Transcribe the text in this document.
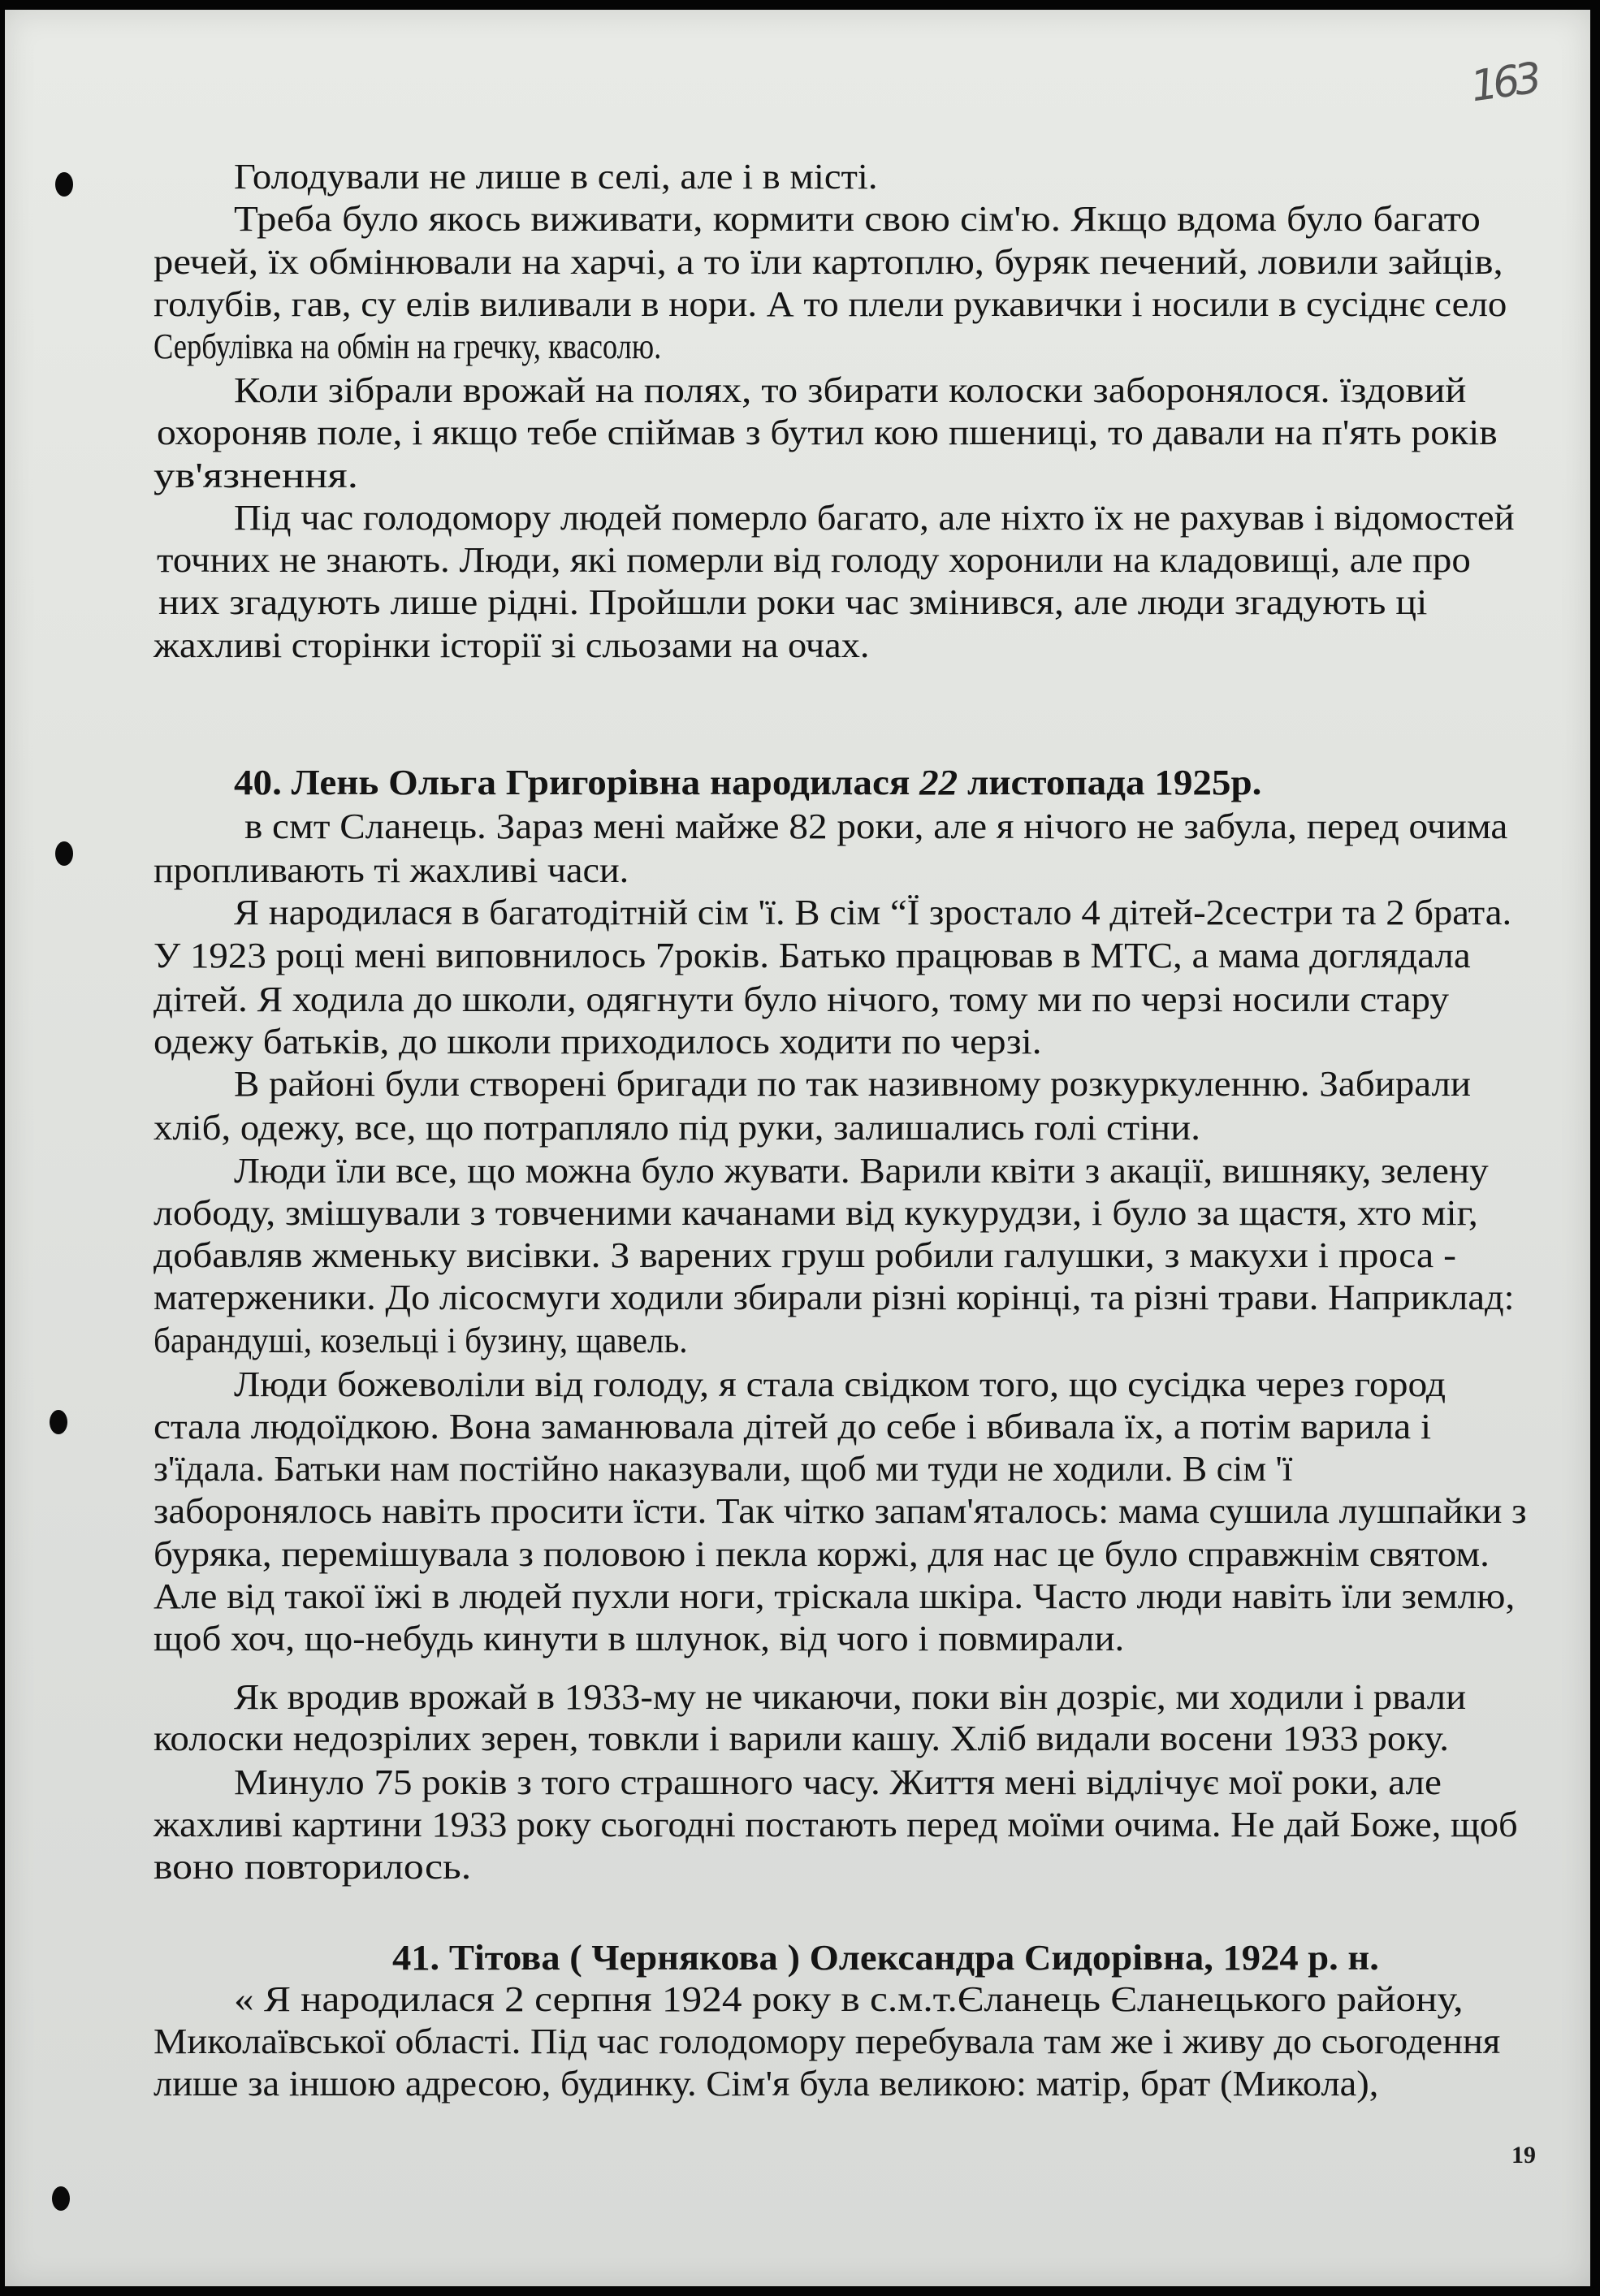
163
Голодували не лише в селі, але і в місті.
Треба було якось виживати, кормити свою сім'ю. Якщо вдома було багато
речей, їх обмінювали на харчі, а то їли картоплю, буряк печений, ловили зайців,
голубів, гав, су елів виливали в нори. А то плели рукавички і носили в сусіднє село
Сербулівка на обмін на гречку, квасолю.
Коли зібрали врожай на полях, то збирати колоски заборонялося. їздовий
охороняв поле, і якщо тебе спіймав з бутил кою пшениці, то давали на п'ять років
ув'язнення.
Під час голодомору людей померло багато, але ніхто їх не рахував і відомостей
точних не знають. Люди, які померли від голоду хоронили на кладовищі, але про
них згадують лише рідні. Пройшли роки час змінився, але люди згадують ці
жахливі сторінки історії зі сльозами на очах.
40. Лень Ольга Григорівна народилася 22 листопада 1925р.
в смт Сланець. Зараз мені майже 82 роки, але я нічого не забула, перед очима
пропливають ті жахливі часи.
Я народилася в багатодітній сім 'ї. В сім “Ї зростало 4 дітей-2сестри та 2 брата.
У 1923 році мені виповнилось 7років. Батько працював в МТС, а мама доглядала
дітей. Я ходила до школи, одягнути було нічого, тому ми по черзі носили стару
одежу батьків, до школи приходилось ходити по черзі.
В районі були створені бригади по так називному розкуркуленню. Забирали
хліб, одежу, все, що потрапляло під руки, залишались голі стіни.
Люди їли все, що можна було жувати. Варили квіти з акації, вишняку, зелену
лободу, змішували з товченими качанами від кукурудзи, і було за щастя, хто міг,
добавляв жменьку висівки. З варених груш робили галушки, з макухи і проса -
матерженики. До лісосмуги ходили збирали різні корінці, та різні трави. Наприклад:
барандуші, козельці і бузину, щавель.
Люди божеволіли від голоду, я стала свідком того, що сусідка через город
стала людоїдкою. Вона заманювала дітей до себе і вбивала їх, а потім варила і
з'їдала. Батьки нам постійно наказували, щоб ми туди не ходили. В сім 'ї
заборонялось навіть просити їсти. Так чітко запам'яталось: мама сушила лушпайки з
буряка, перемішувала з половою і пекла коржі, для нас це було справжнім святом.
Але від такої їжі в людей пухли ноги, тріскала шкіра. Часто люди навіть їли землю,
щоб хоч, що-небудь кинути в шлунок, від чого і повмирали.
Як вродив врожай в 1933-му не чикаючи, поки він дозріє, ми ходили і рвали
колоски недозрілих зерен, товкли і варили кашу. Хліб видали восени 1933 року.
Минуло 75 років з того страшного часу. Життя мені відлічує мої роки, але
жахливі картини 1933 року сьогодні постають перед моїми очима. Не дай Боже, щоб
воно повторилось.
41. Тітова ( Чернякова ) Олександра Сидорівна, 1924 р. н.
« Я народилася 2 серпня 1924 року в с.м.т.Єланець Єланецького району,
Миколаївської області. Під час голодомору перебувала там же і живу до сьогодення
лише за іншою адресою, будинку. Сім'я була великою: матір, брат (Микола),
19
